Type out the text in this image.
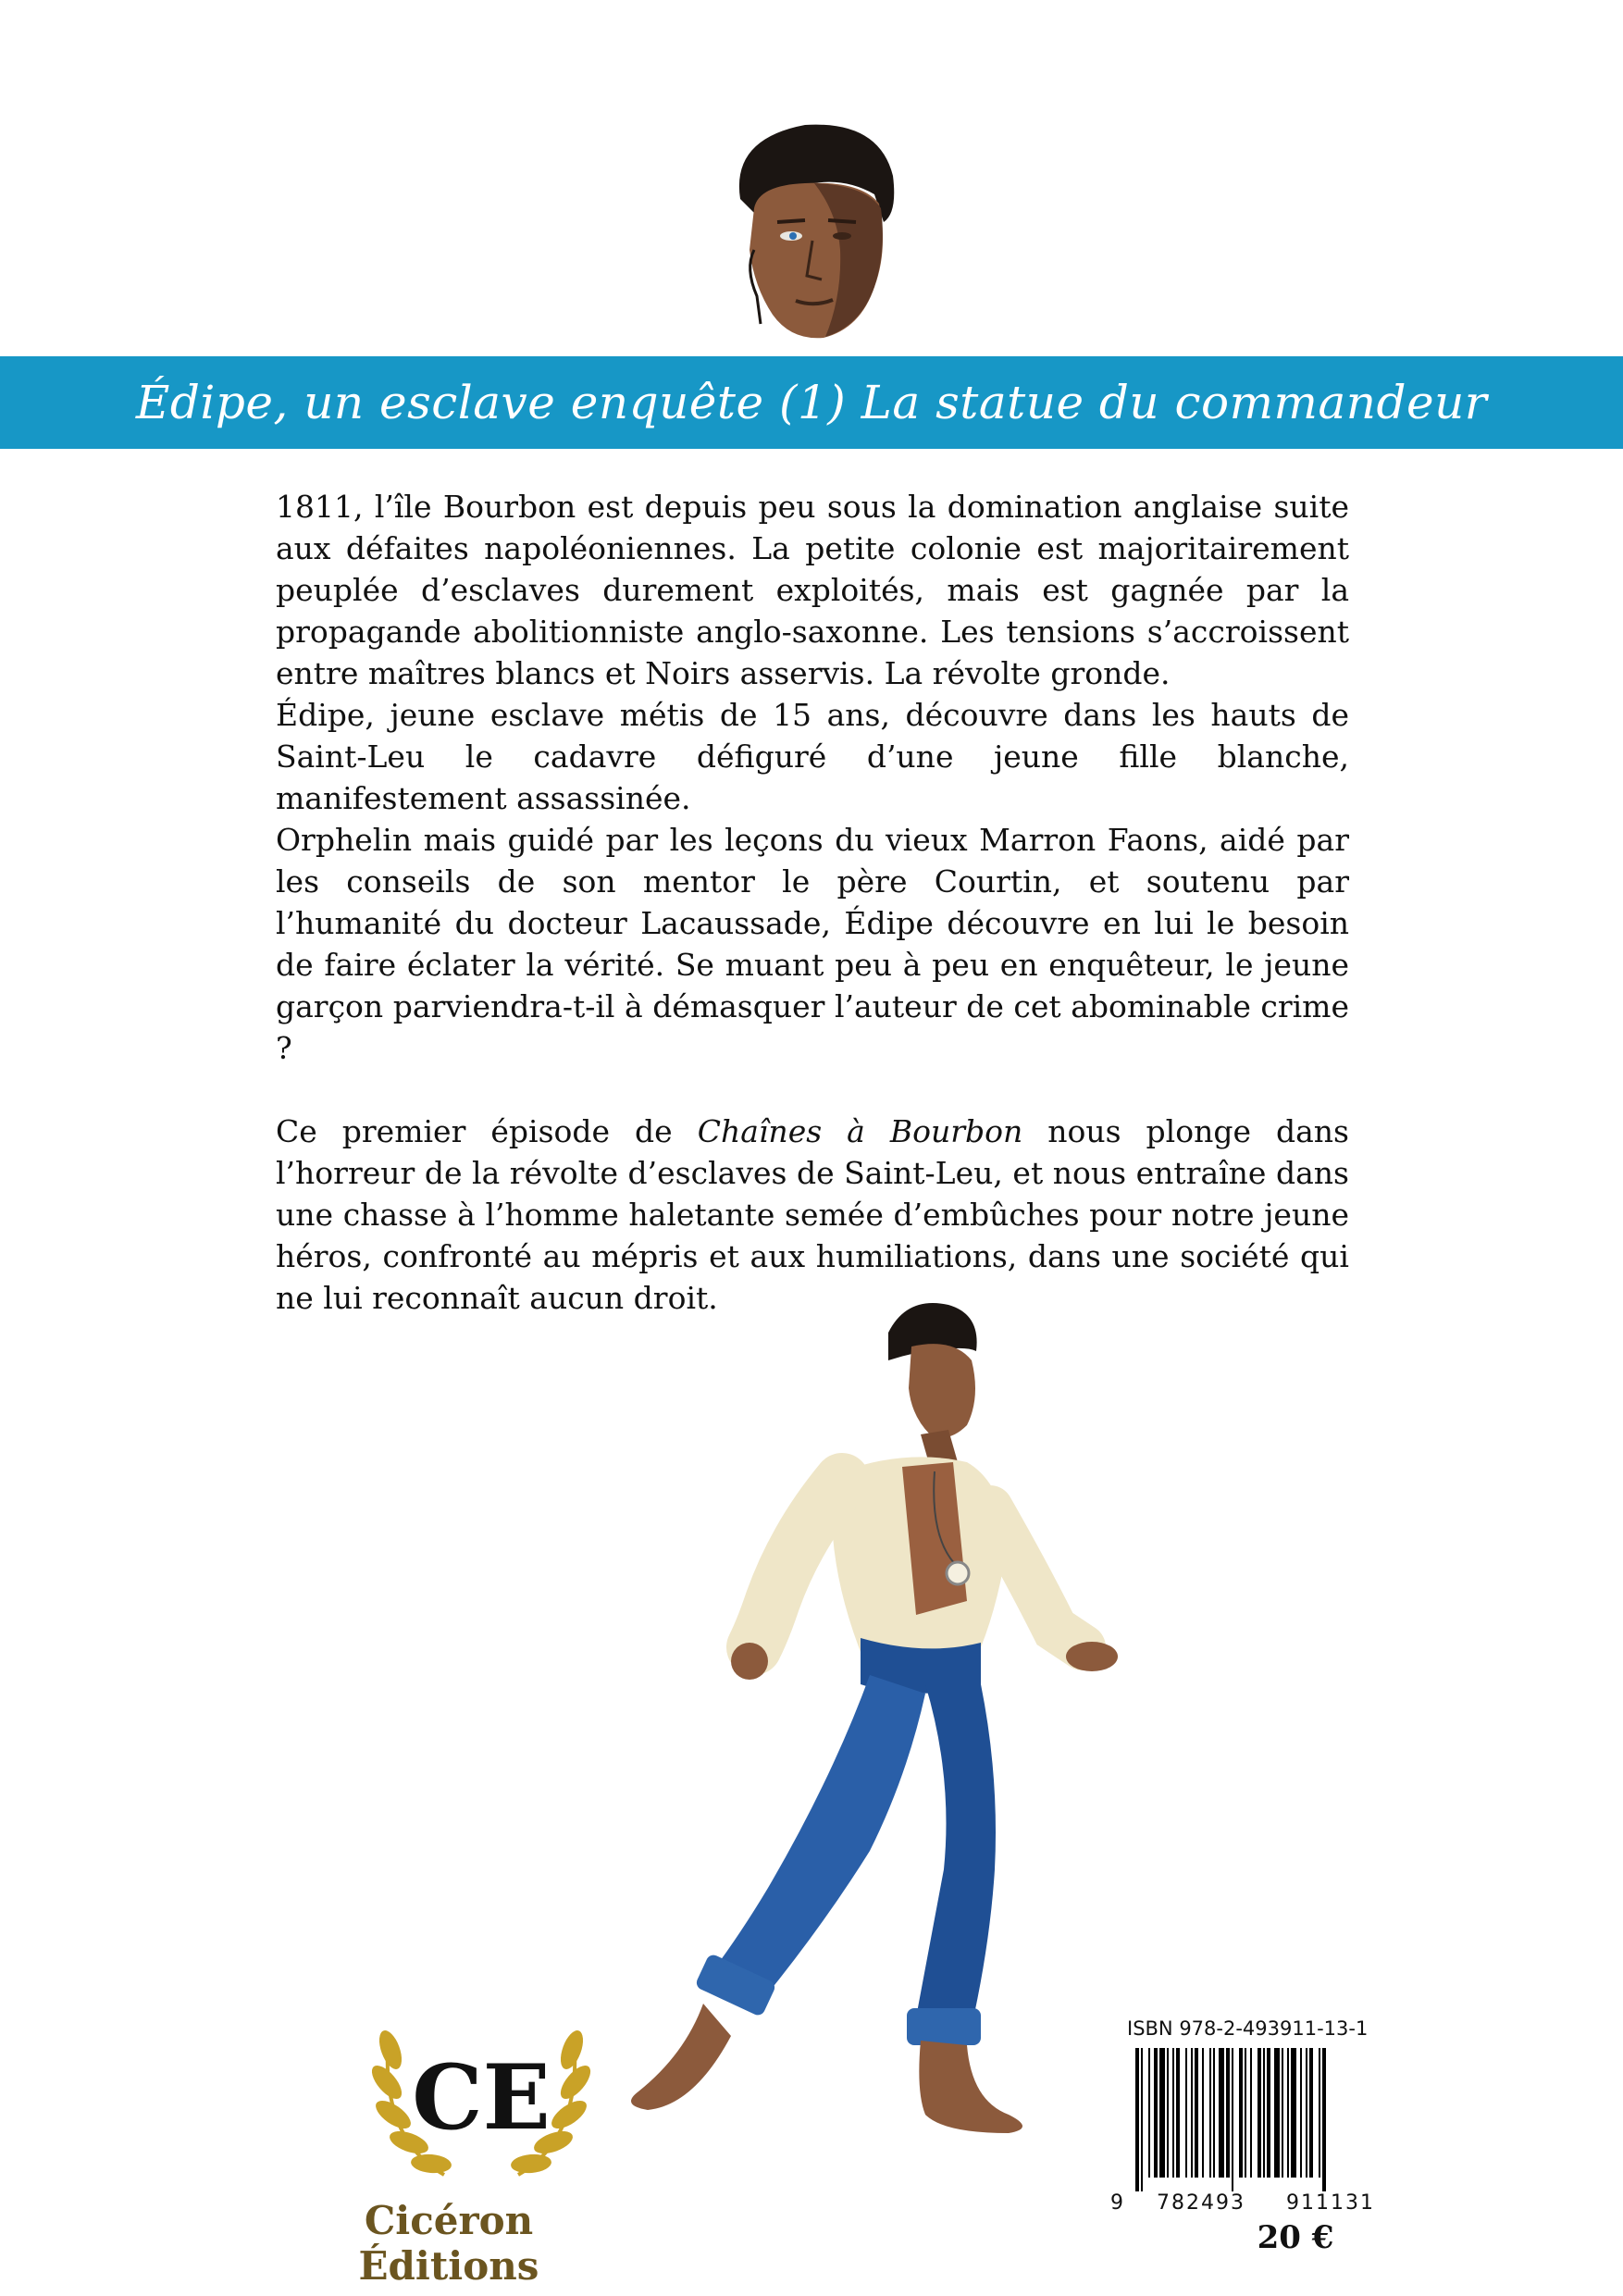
Édipe, un esclave enquête (1) La statue du commandeur

1811, l’île Bourbon est depuis peu sous la domination anglaise suite aux défaites napoléoniennes. La petite colonie est majoritairement peuplée d’esclaves durement exploités, mais est gagnée par la propagande abolitionniste anglo-saxonne. Les tensions s’accroissent entre maîtres blancs et Noirs asservis. La révolte gronde.

Édipe, jeune esclave métis de 15 ans, découvre dans les hauts de Saint-Leu le cadavre défiguré d’une jeune fille blanche, manifestement assassinée.

Orphelin mais guidé par les leçons du vieux Marron Faons, aidé par les conseils de son mentor le père Courtin, et soutenu par l’humanité du docteur Lacaussade, Édipe découvre en lui le besoin de faire éclater la vérité. Se muant peu à peu en enquêteur, le jeune garçon parviendra-t-il à démasquer l’auteur de cet abominable crime ?

Ce premier épisode de Chaînes à Bourbon nous plonge dans l’horreur de la révolte d’esclaves de Saint-Leu, et nous entraîne dans une chasse à l’homme haletante semée d’embûches pour notre jeune héros, confronté au mépris et aux humiliations, dans une société qui ne lui reconnaît aucun droit.

CE
Cicéron Éditions
ISBN 978-2-493911-13-1
9	782493	911131
20 €
